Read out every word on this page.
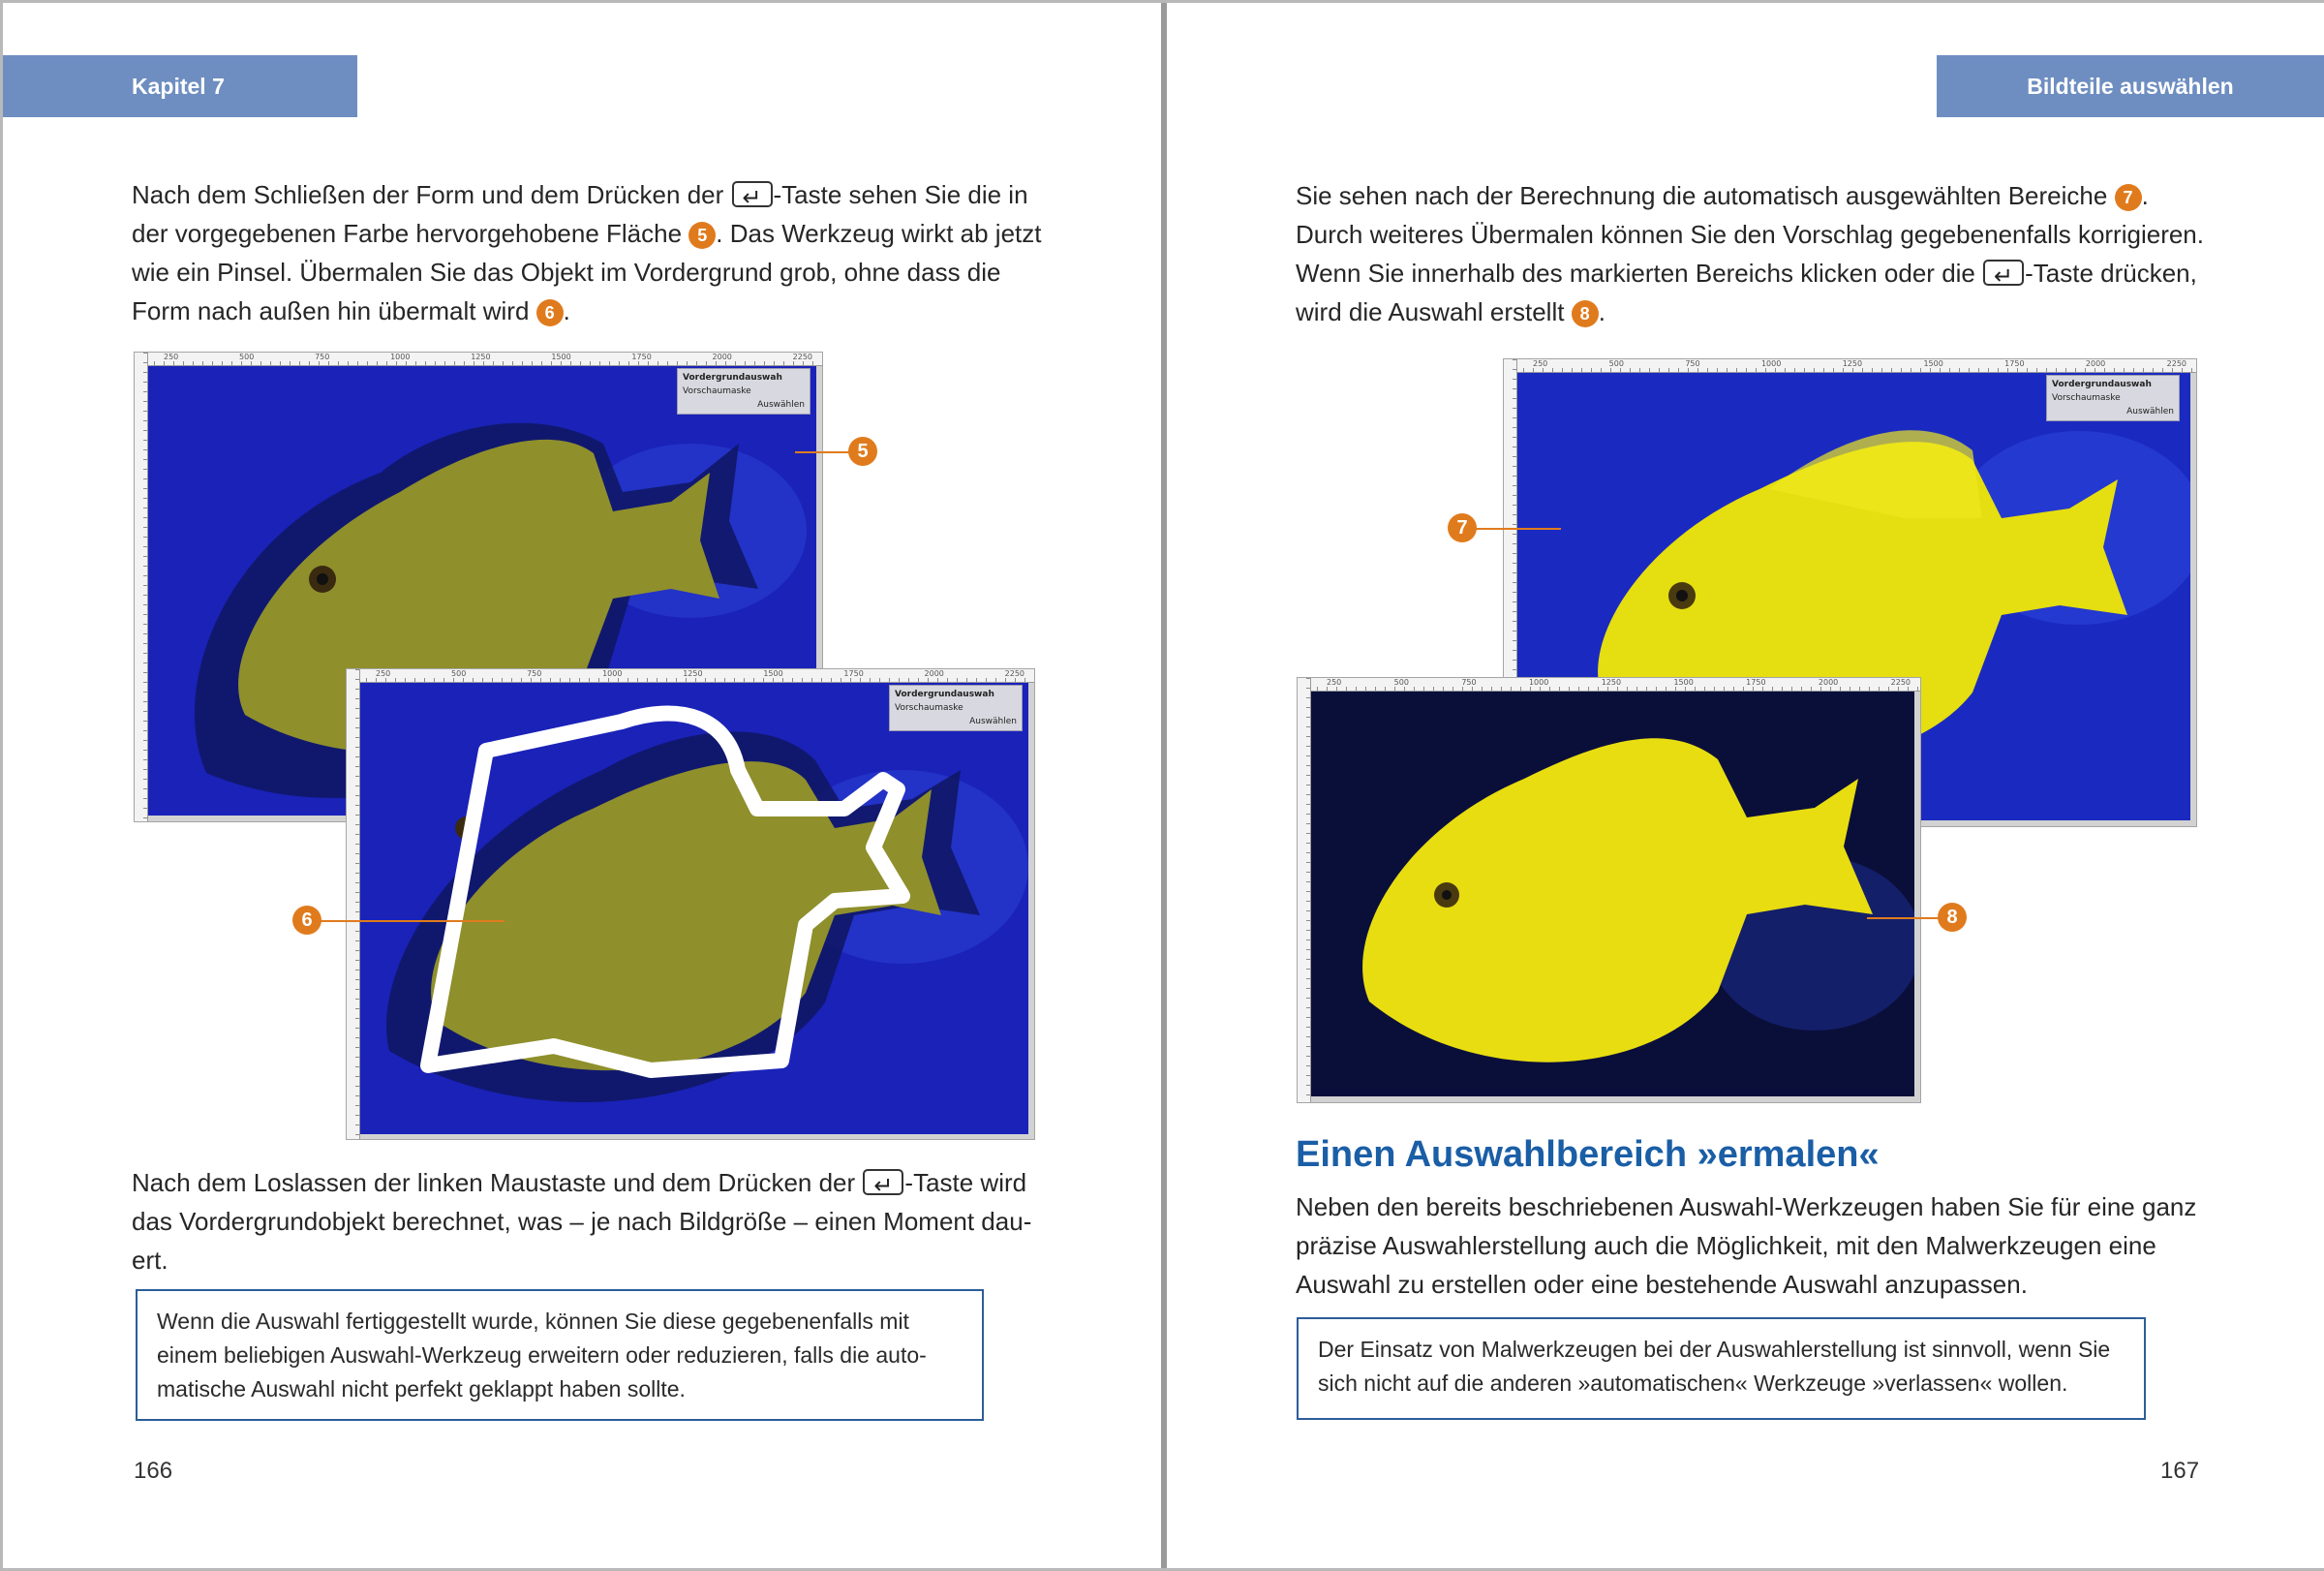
Kapitel 7
Nach dem Schließen der Form und dem Drücken der ↵-Taste sehen Sie die in
der vorgegebenen Farbe hervorgehobene Fläche 5 . Das Werkzeug wirkt ab jetzt
wie ein Pinsel. Übermalen Sie das Objekt im Vordergrund grob, ohne dass die
Form nach außen hin übermalt wird 6 .
Vordergrundauswah
Vorschaumaske
Auswählen
250	500	750	1000	1250	1500	1750	2000	2250
5
Vordergrundauswah
Vorschaumaske
Auswählen
250	500	750	1000	1250	1500	1750	2000	2250
6
Nach dem Loslassen der linken Maustaste und dem Drücken der ↵-Taste wird
das Vordergrundobjekt berechnet, was – je nach Bildgröße – einen Moment dau-
ert.
Wenn die Auswahl fertiggestellt wurde, können Sie diese gegebenenfalls mit
einem beliebigen Auswahl-Werkzeug erweitern oder reduzieren, falls die auto-
matische Auswahl nicht perfekt geklappt haben sollte.
166
Bildteile auswählen
Sie sehen nach der Berechnung die automatisch ausgewählten Bereiche 7 .
Durch weiteres Übermalen können Sie den Vorschlag gegebenenfalls korrigieren.
Wenn Sie innerhalb des markierten Bereichs klicken oder die ↵-Taste drücken,
wird die Auswahl erstellt 8 .
Vordergrundauswah
Vorschaumaske
Auswählen
250	500	750	1000	1250	1500	1750	2000	2250
7
250	500	750	1000	1250	1500	1750	2000	2250
8
Einen Auswahlbereich »ermalen«
Neben den bereits beschriebenen Auswahl-Werkzeugen haben Sie für eine ganz
präzise Auswahlerstellung auch die Möglichkeit, mit den Malwerkzeugen eine
Auswahl zu erstellen oder eine bestehende Auswahl anzupassen.
Der Einsatz von Malwerkzeugen bei der Auswahlerstellung ist sinnvoll, wenn Sie
sich nicht auf die anderen »automatischen« Werkzeuge »verlassen« wollen.
167
